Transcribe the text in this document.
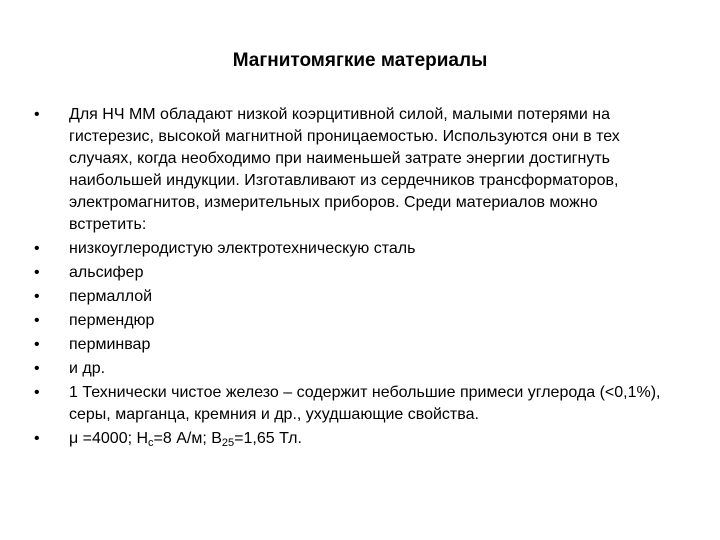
Магнитомягкие материалы
•	Для НЧ ММ обладают низкой коэрцитивной силой, малыми потерями на гистерезис, высокой магнитной проницаемостью. Используются они в тех случаях, когда необходимо при наименьшей затрате энергии достигнуть наибольшей индукции. Изготавливают из сердечников трансформаторов, электромагнитов, измерительных приборов. Среди материалов можно встретить:
•	низкоуглеродистую электротехническую сталь
•	альсифер
•	пермаллой
•	пермендюр
•	перминвар
•	и др.
•	1 Технически чистое железо – содержит небольшие примеси углерода (<0,1%), серы, марганца, кремния и др., ухудшающие свойства.
•	μ =4000; $H_c=8$ А/м; $B_{25}=1,65$ Тл.
